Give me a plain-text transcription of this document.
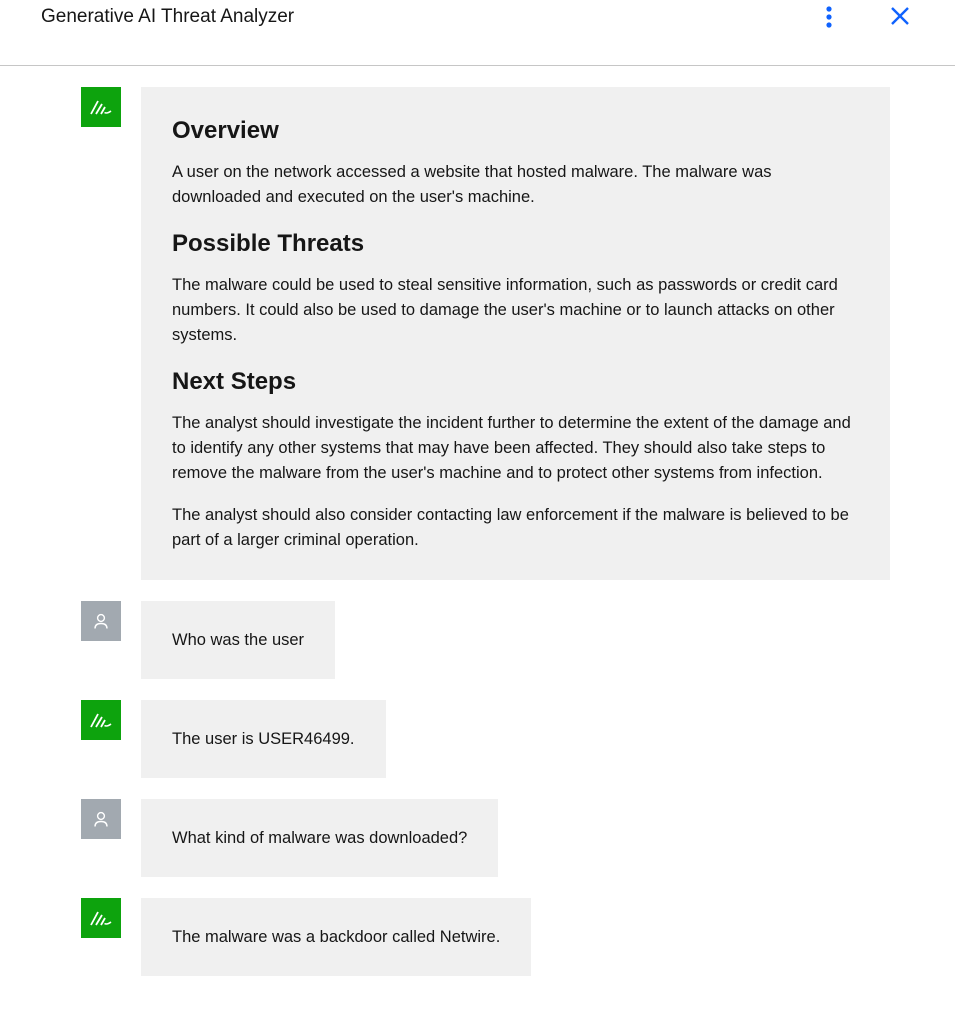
Generative AI Threat Analyzer
Overview

A user on the network accessed a website that hosted malware. The malware was downloaded and executed on the user's machine.

Possible Threats

The malware could be used to steal sensitive information, such as passwords or credit card numbers. It could also be used to damage the user's machine or to launch attacks on other systems.

Next Steps

The analyst should investigate the incident further to determine the extent of the damage and to identify any other systems that may have been affected. They should also take steps to remove the malware from the user's machine and to protect other systems from infection.

The analyst should also consider contacting law enforcement if the malware is believed to be part of a larger criminal operation.

Who was the user
The user is USER46499.
What kind of malware was downloaded?
The malware was a backdoor called Netwire.
